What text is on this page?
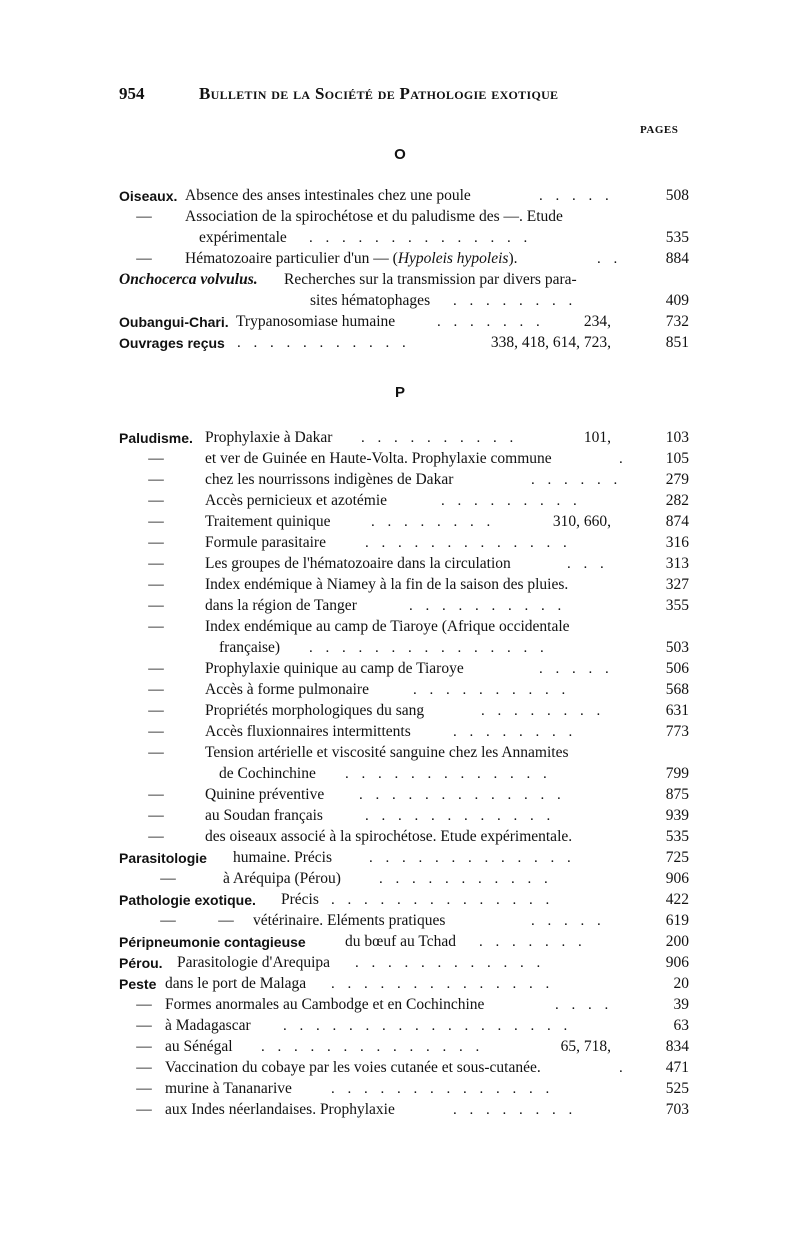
954	Bulletin de la Société de Pathologie exotique
PAGES
O
P
Oiseaux. Absence des anses intestinales chez une poule	. . . . .	508
— Association de la spirochétose et du paludisme des —. Etude
expérimentale . . . . . . . . . . . . . .	535
— Hématozoaire particulier d'un — (Hypoleis hypoleis).	. .	884
Onchocerca volvulus. Recherches sur la transmission par divers para-
sites hématophages . . . . . . . .	409
Oubangui-Chari. Trypanosomiase humaine	. . . . . . .	234,	732
Ouvrages reçus . . . . . . . . . . .	338, 418, 614, 723,	851
Paludisme. Prophylaxie à Dakar . . . . . . . . . .	101,	103
—	et ver de Guinée en Haute-Volta. Prophylaxie commune	. 105
—	chez les nourrissons indigènes de Dakar	. . . . . .	279
—	Accès pernicieux et azotémie	. . . . . . . . .	282
—	Traitement quinique	. . . . . . . .	310, 660,	874
—	Formule parasitaire	. . . . . . . . . . . . .	316
—	Les groupes de l'hématozoaire dans la circulation	. . .	313
—	Index endémique à Niamey à la fin de la saison des pluies.	327
—	dans la région de Tanger	. . . . . . . . . .	355
—	Index endémique au camp de Tiaroye (Afrique occidentale
française) . . . . . . . . . . . . . . .	503
—	Prophylaxie quinique au camp de Tiaroye	. . . . .	506
—	Accès à forme pulmonaire	. . . . . . . . . .	568
—	Propriétés morphologiques du sang	. . . . . . . .	631
—	Accès fluxionnaires intermittents	. . . . . . . .	773
—	Tension artérielle et viscosité sanguine chez les Annamites
de Cochinchine . . . . . . . . . . . . .	799
—	Quinine préventive . . . . . . . . . . . . .	875
—	au Soudan français	. . . . . . . . . . . .	939
—	des oiseaux associé à la spirochétose. Etude expérimentale.	535
Parasitologie humaine. Précis . . . . . . . . . . . . .	725
—	à Aréquipa (Pérou)	. . . . . . . . . . .	906
Pathologie exotique. Précis . . . . . . . . . . . . . .	422
—	— vétérinaire. Eléments pratiques	. . . . .	619
Péripneumonie contagieuse	du bœuf au Tchad . . . . . . .	200
Pérou. Parasitologie d'Arequipa . . . . . . . . . . . .	906
Peste dans le port de Malaga . . . . . . . . . . . . . .	20
— Formes anormales au Cambodge et en Cochinchine	. . . .	39
— à Madagascar . . . . . . . . . . . . . . . . . .	63
— au Sénégal . . . . . . . . . . . . . .	65, 718,	834
— Vaccination du cobaye par les voies cutanée et sous-cutanée.	. 471
— murine à Tananarive	. . . . . . . . . . . . . .	525
— aux Indes néerlandaises. Prophylaxie	. . . . . . . .	703
